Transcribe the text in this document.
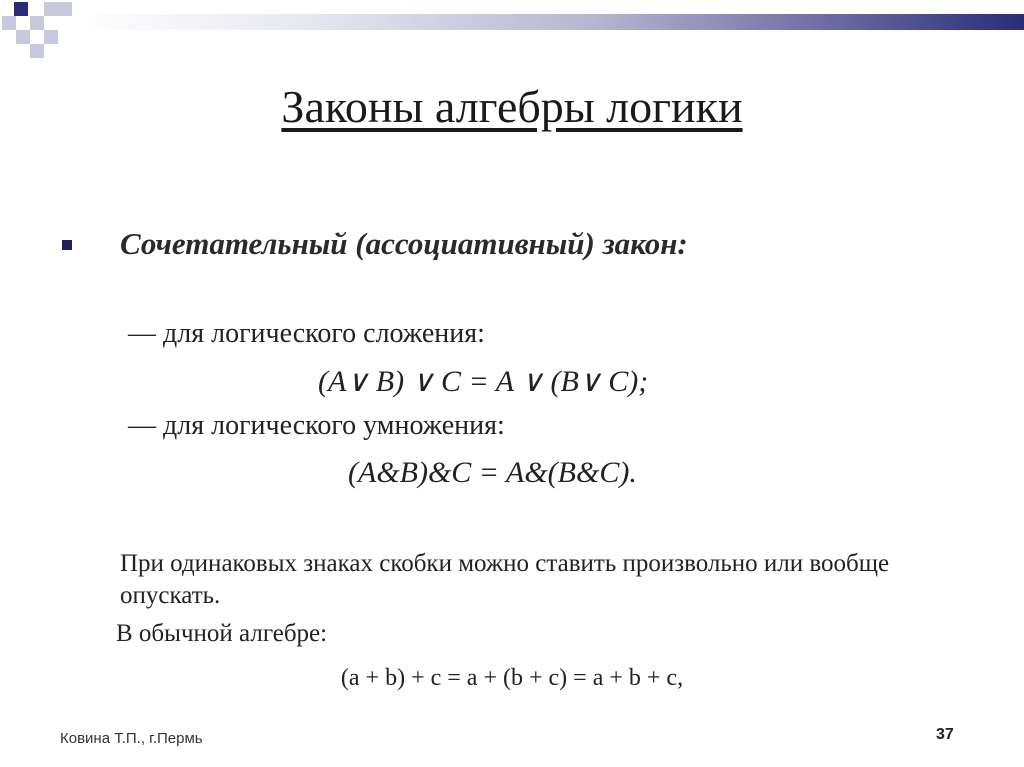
Законы алгебры логики
Сочетательный (ассоциативный) закон:
— для логического сложения:
(A∨ B) ∨ C = A ∨ (B∨ C);
— для логического умножения:
(A&B)&C = A&(B&C).
При одинаковых знаках скобки можно ставить произвольно или вообще опускать.
В обычной алгебре:
(a + b) + c = a + (b + c) = a + b + c,
Ковина Т.П., г.Пермь	37
